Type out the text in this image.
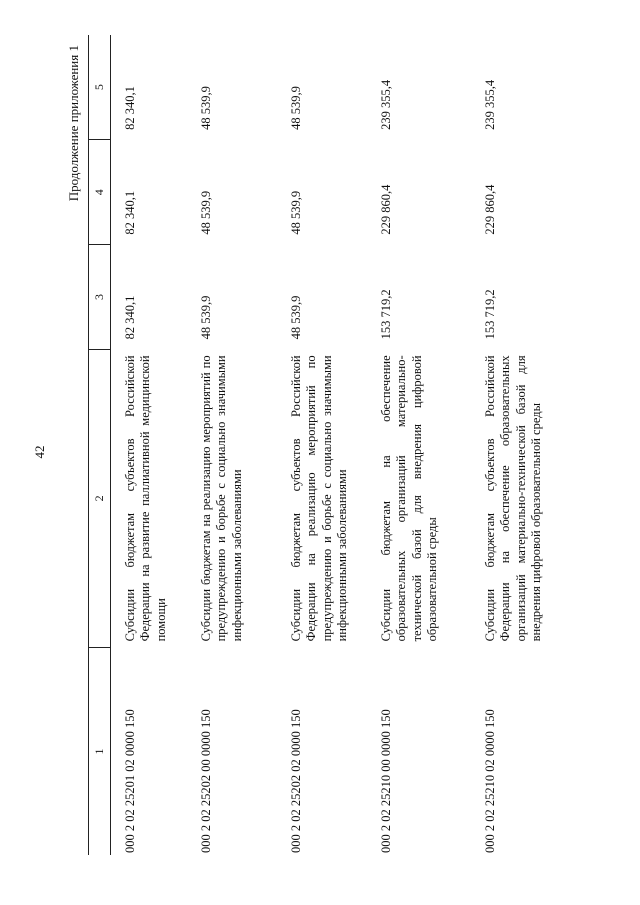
42
Продолжение приложения 1
1	2	3	4	5
000 2 02 25201 02 0000 150	Субсидии бюджетам субъектов Российской Федерации на развитие паллиативной медицинской помощи	82 340,1	82 340,1	82 340,1
000 2 02 25202 00 0000 150	Субсидии бюджетам на реализацию мероприятий по предупреждению и борьбе с социально значимыми инфекционными заболеваниями	48 539,9	48 539,9	48 539,9
000 2 02 25202 02 0000 150	Субсидии бюджетам субъектов Российской Федерации на реализацию мероприятий по предупреждению и борьбе с социально значимыми инфекционными заболеваниями	48 539,9	48 539,9	48 539,9
000 2 02 25210 00 0000 150	Субсидии бюджетам на обеспечение образовательных организаций материально-технической базой для внедрения цифровой образовательной среды	153 719,2	229 860,4	239 355,4
000 2 02 25210 02 0000 150	Субсидии бюджетам субъектов Российской Федерации на обеспечение образовательных организаций материально-технической базой для внедрения цифровой образовательной среды	153 719,2	229 860,4	239 355,4
